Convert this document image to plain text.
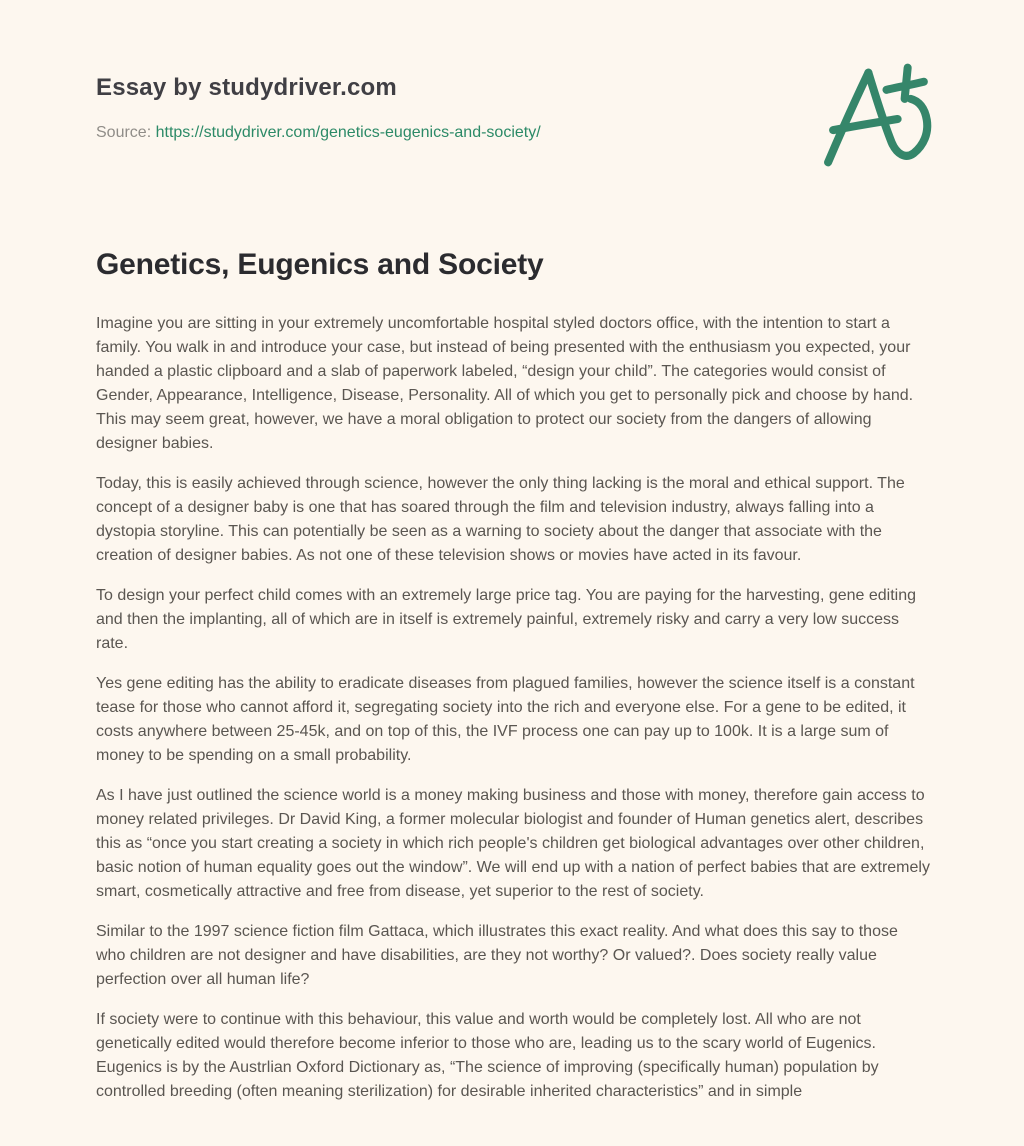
Essay by studydriver.com
Source: https://studydriver.com/genetics-eugenics-and-society/
Genetics, Eugenics and Society

Imagine you are sitting in your extremely uncomfortable hospital styled doctors office, with the intention to start a family. You walk in and introduce your case, but instead of being presented with the enthusiasm you expected, your handed a plastic clipboard and a slab of paperwork labeled, “design your child”. The categories would consist of Gender, Appearance, Intelligence, Disease, Personality. All of which you get to personally pick and choose by hand. This may seem great, however, we have a moral obligation to protect our society from the dangers of allowing designer babies.

Today, this is easily achieved through science, however the only thing lacking is the moral and ethical support. The concept of a designer baby is one that has soared through the film and television industry, always falling into a dystopia storyline. This can potentially be seen as a warning to society about the danger that associate with the creation of designer babies. As not one of these television shows or movies have acted in its favour.

To design your perfect child comes with an extremely large price tag. You are paying for the harvesting, gene editing and then the implanting, all of which are in itself is extremely painful, extremely risky and carry a very low success rate.

Yes gene editing has the ability to eradicate diseases from plagued families, however the science itself is a constant tease for those who cannot afford it, segregating society into the rich and everyone else. For a gene to be edited, it costs anywhere between 25-45k, and on top of this, the IVF process one can pay up to 100k. It is a large sum of money to be spending on a small probability.

As I have just outlined the science world is a money making business and those with money, therefore gain access to money related privileges. Dr David King, a former molecular biologist and founder of Human genetics alert, describes this as “once you start creating a society in which rich people's children get biological advantages over other children, basic notion of human equality goes out the window”. We will end up with a nation of perfect babies that are extremely smart, cosmetically attractive and free from disease, yet superior to the rest of society.

Similar to the 1997 science fiction film Gattaca, which illustrates this exact reality. And what does this say to those who children are not designer and have disabilities, are they not worthy? Or valued?. Does society really value perfection over all human life?

If society were to continue with this behaviour, this value and worth would be completely lost. All who are not genetically edited would therefore become inferior to those who are, leading us to the scary world of Eugenics. Eugenics is by the Austrlian Oxford Dictionary as, “The science of improving (specifically human) population by controlled breeding (often meaning sterilization) for desirable inherited characteristics” and in simple
